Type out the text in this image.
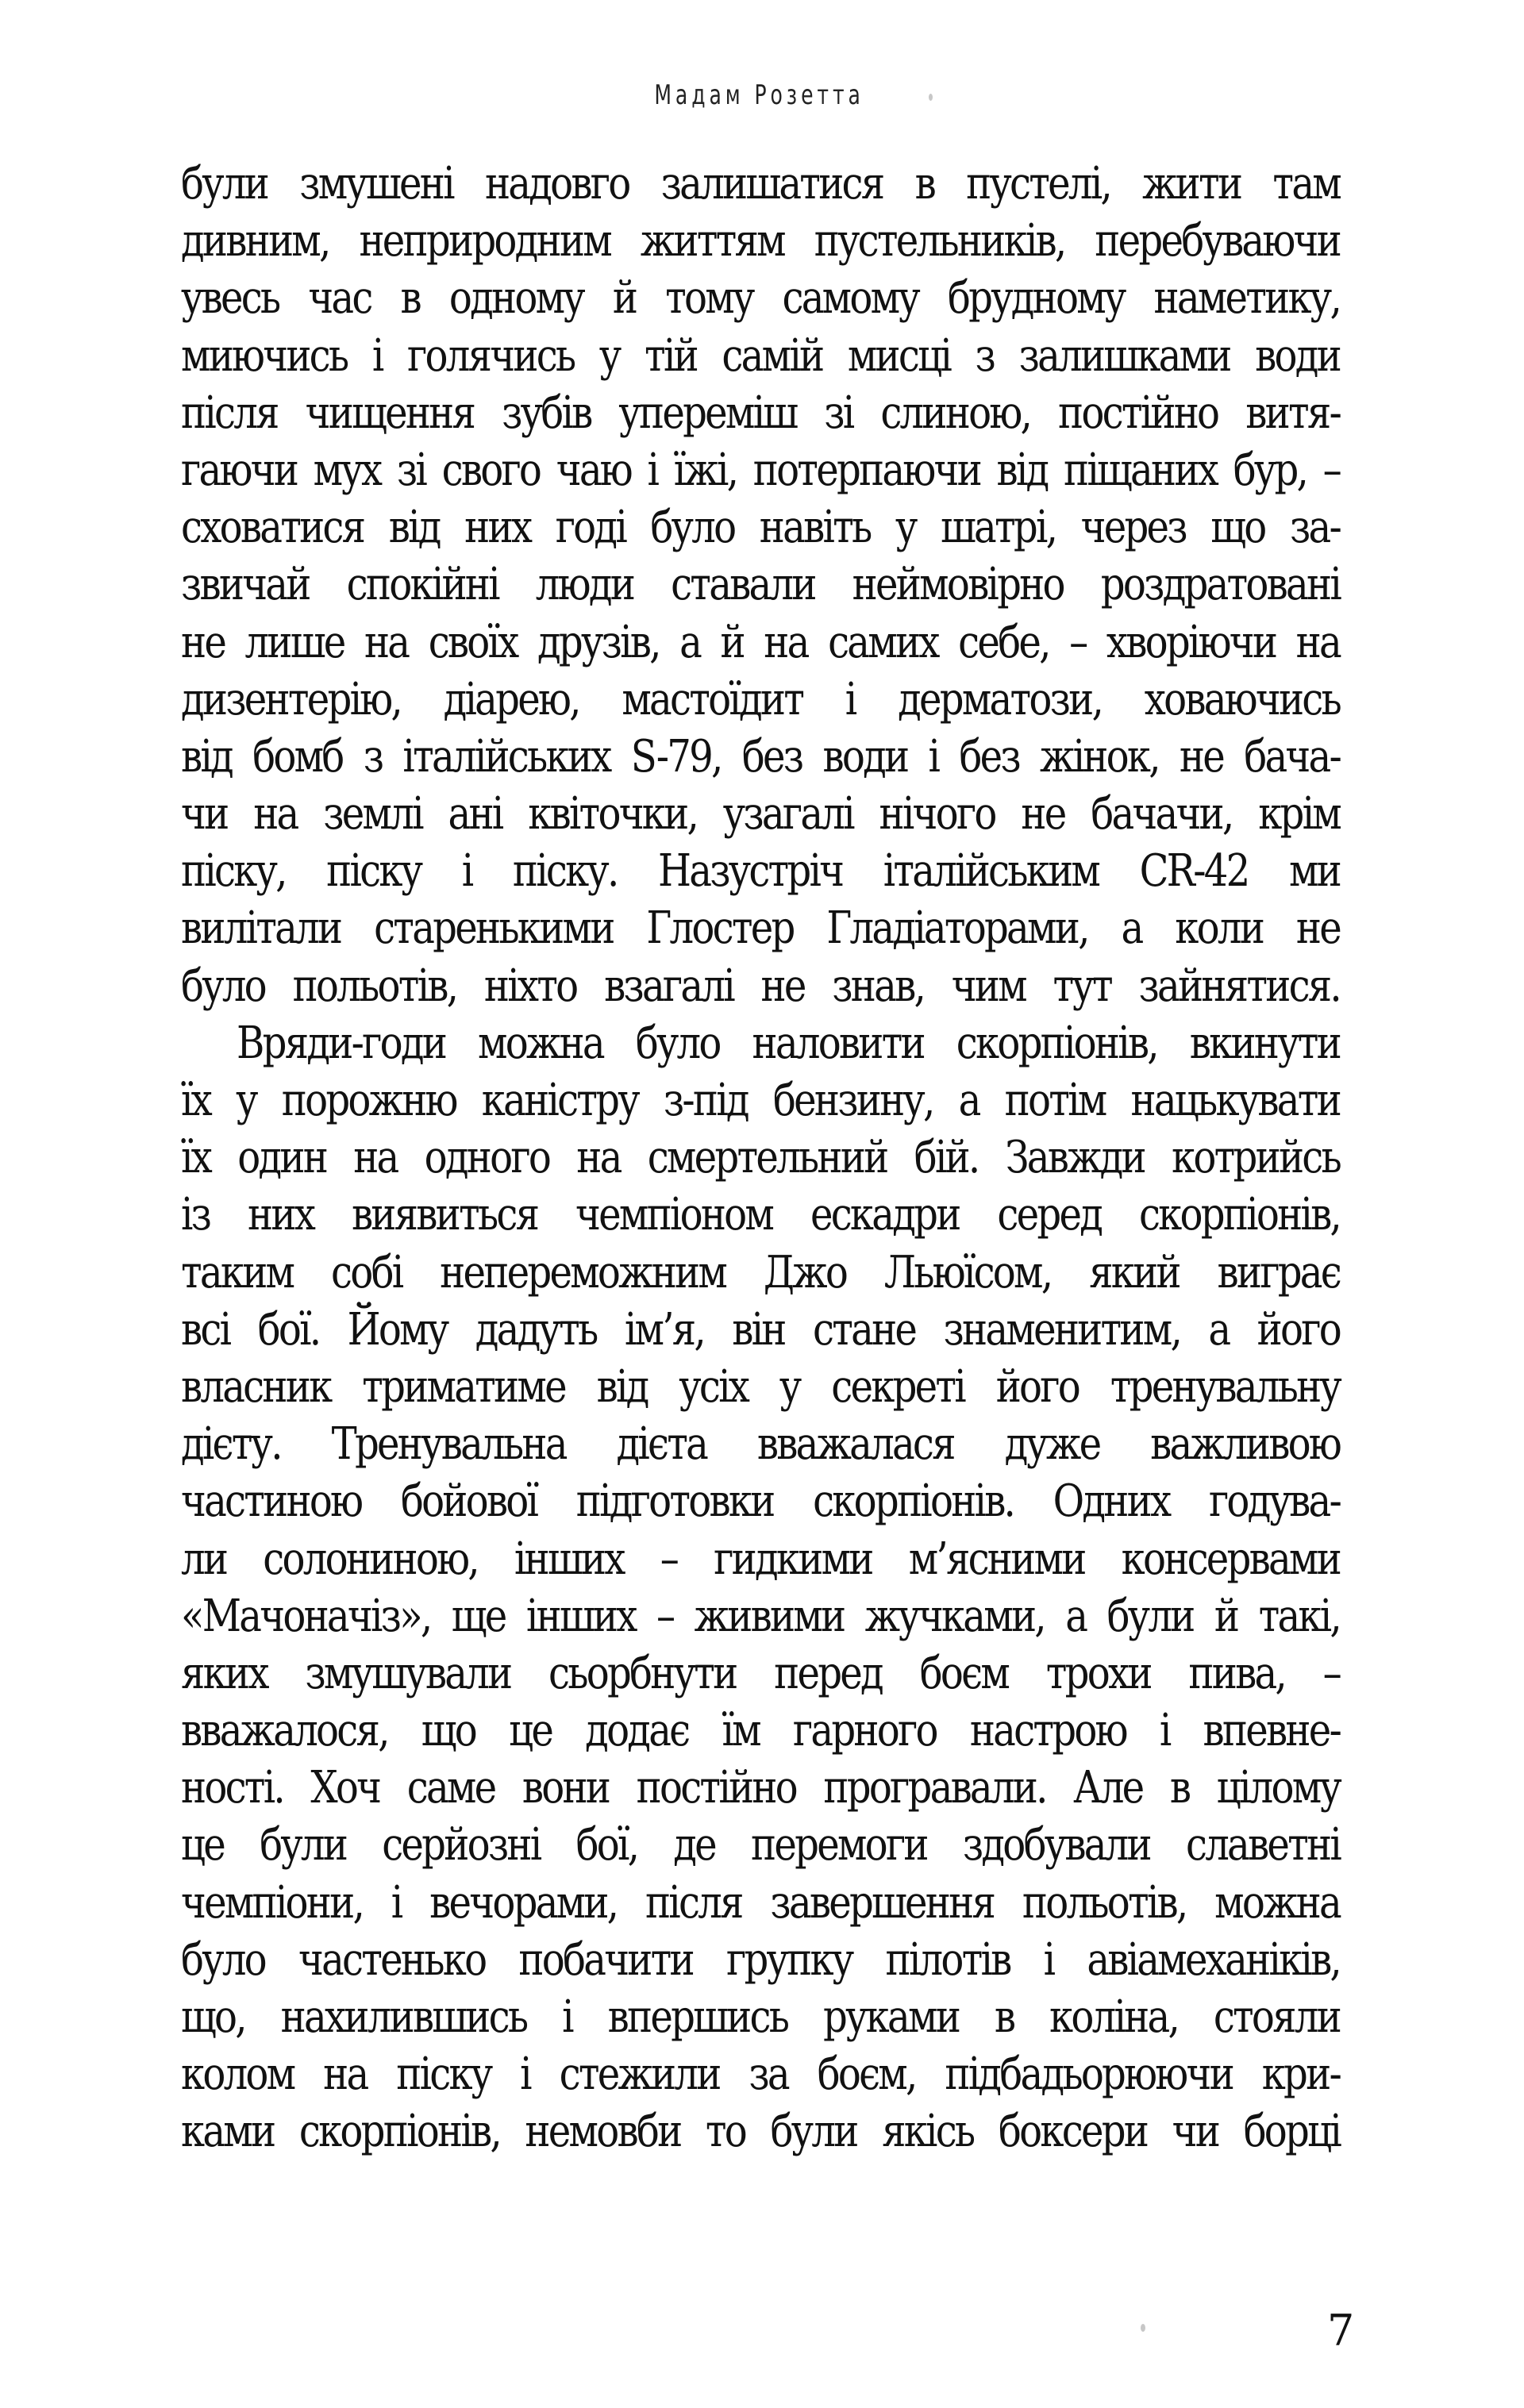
Мадам Розетта
були змушені надовго залишатися в пустелі, жити там
дивним, неприродним життям пустельників, перебуваючи
увесь час в одному й тому самому брудному наметику,
миючись і голячись у тій самій мисці з залишками води
після чищення зубів упереміш зі слиною, постійно витя-
гаючи мух зі свого чаю і їжі, потерпаючи від піщаних бур, –
сховатися від них годі було навіть у шатрі, через що за-
звичай спокійні люди ставали неймовірно роздратовані
не лише на своїх друзів, а й на самих себе, – хворіючи на
дизентерію, діарею, мастоїдит і дерматози, ховаючись
від бомб з італійських S-79, без води і без жінок, не бача-
чи на землі ані квіточки, узагалі нічого не бачачи, крім
піску, піску і піску. Назустріч італійським CR-42 ми
вилітали старенькими Глостер Гладіаторами, а коли не
було польотів, ніхто взагалі не знав, чим тут зайнятися.
Вряди-годи можна було наловити скорпіонів, вкинути
їх у порожню каністру з-під бензину, а потім нацькувати
їх один на одного на смертельний бій. Завжди котрийсь
із них виявиться чемпіоном ескадри серед скорпіонів,
таким собі непереможним Джо Льюїсом, який виграє
всі бої. Йому дадуть ім’я, він стане знаменитим, а його
власник триматиме від усіх у секреті його тренувальну
дієту. Тренувальна дієта вважалася дуже важливою
частиною бойової підготовки скорпіонів. Одних годува-
ли солониною, інших – гидкими м’ясними консервами
«Мачоначіз», ще інших – живими жучками, а були й такі,
яких змушували сьорбнути перед боєм трохи пива, –
вважалося, що це додає їм гарного настрою і впевне-
ності. Хоч саме вони постійно програвали. Але в цілому
це були серйозні бої, де перемоги здобували славетні
чемпіони, і вечорами, після завершення польотів, можна
було частенько побачити групку пілотів і авіамеханіків,
що, нахилившись і впершись руками в коліна, стояли
колом на піску і стежили за боєм, підбадьорюючи кри-
ками скорпіонів, немовби то були якісь боксери чи борці
7
